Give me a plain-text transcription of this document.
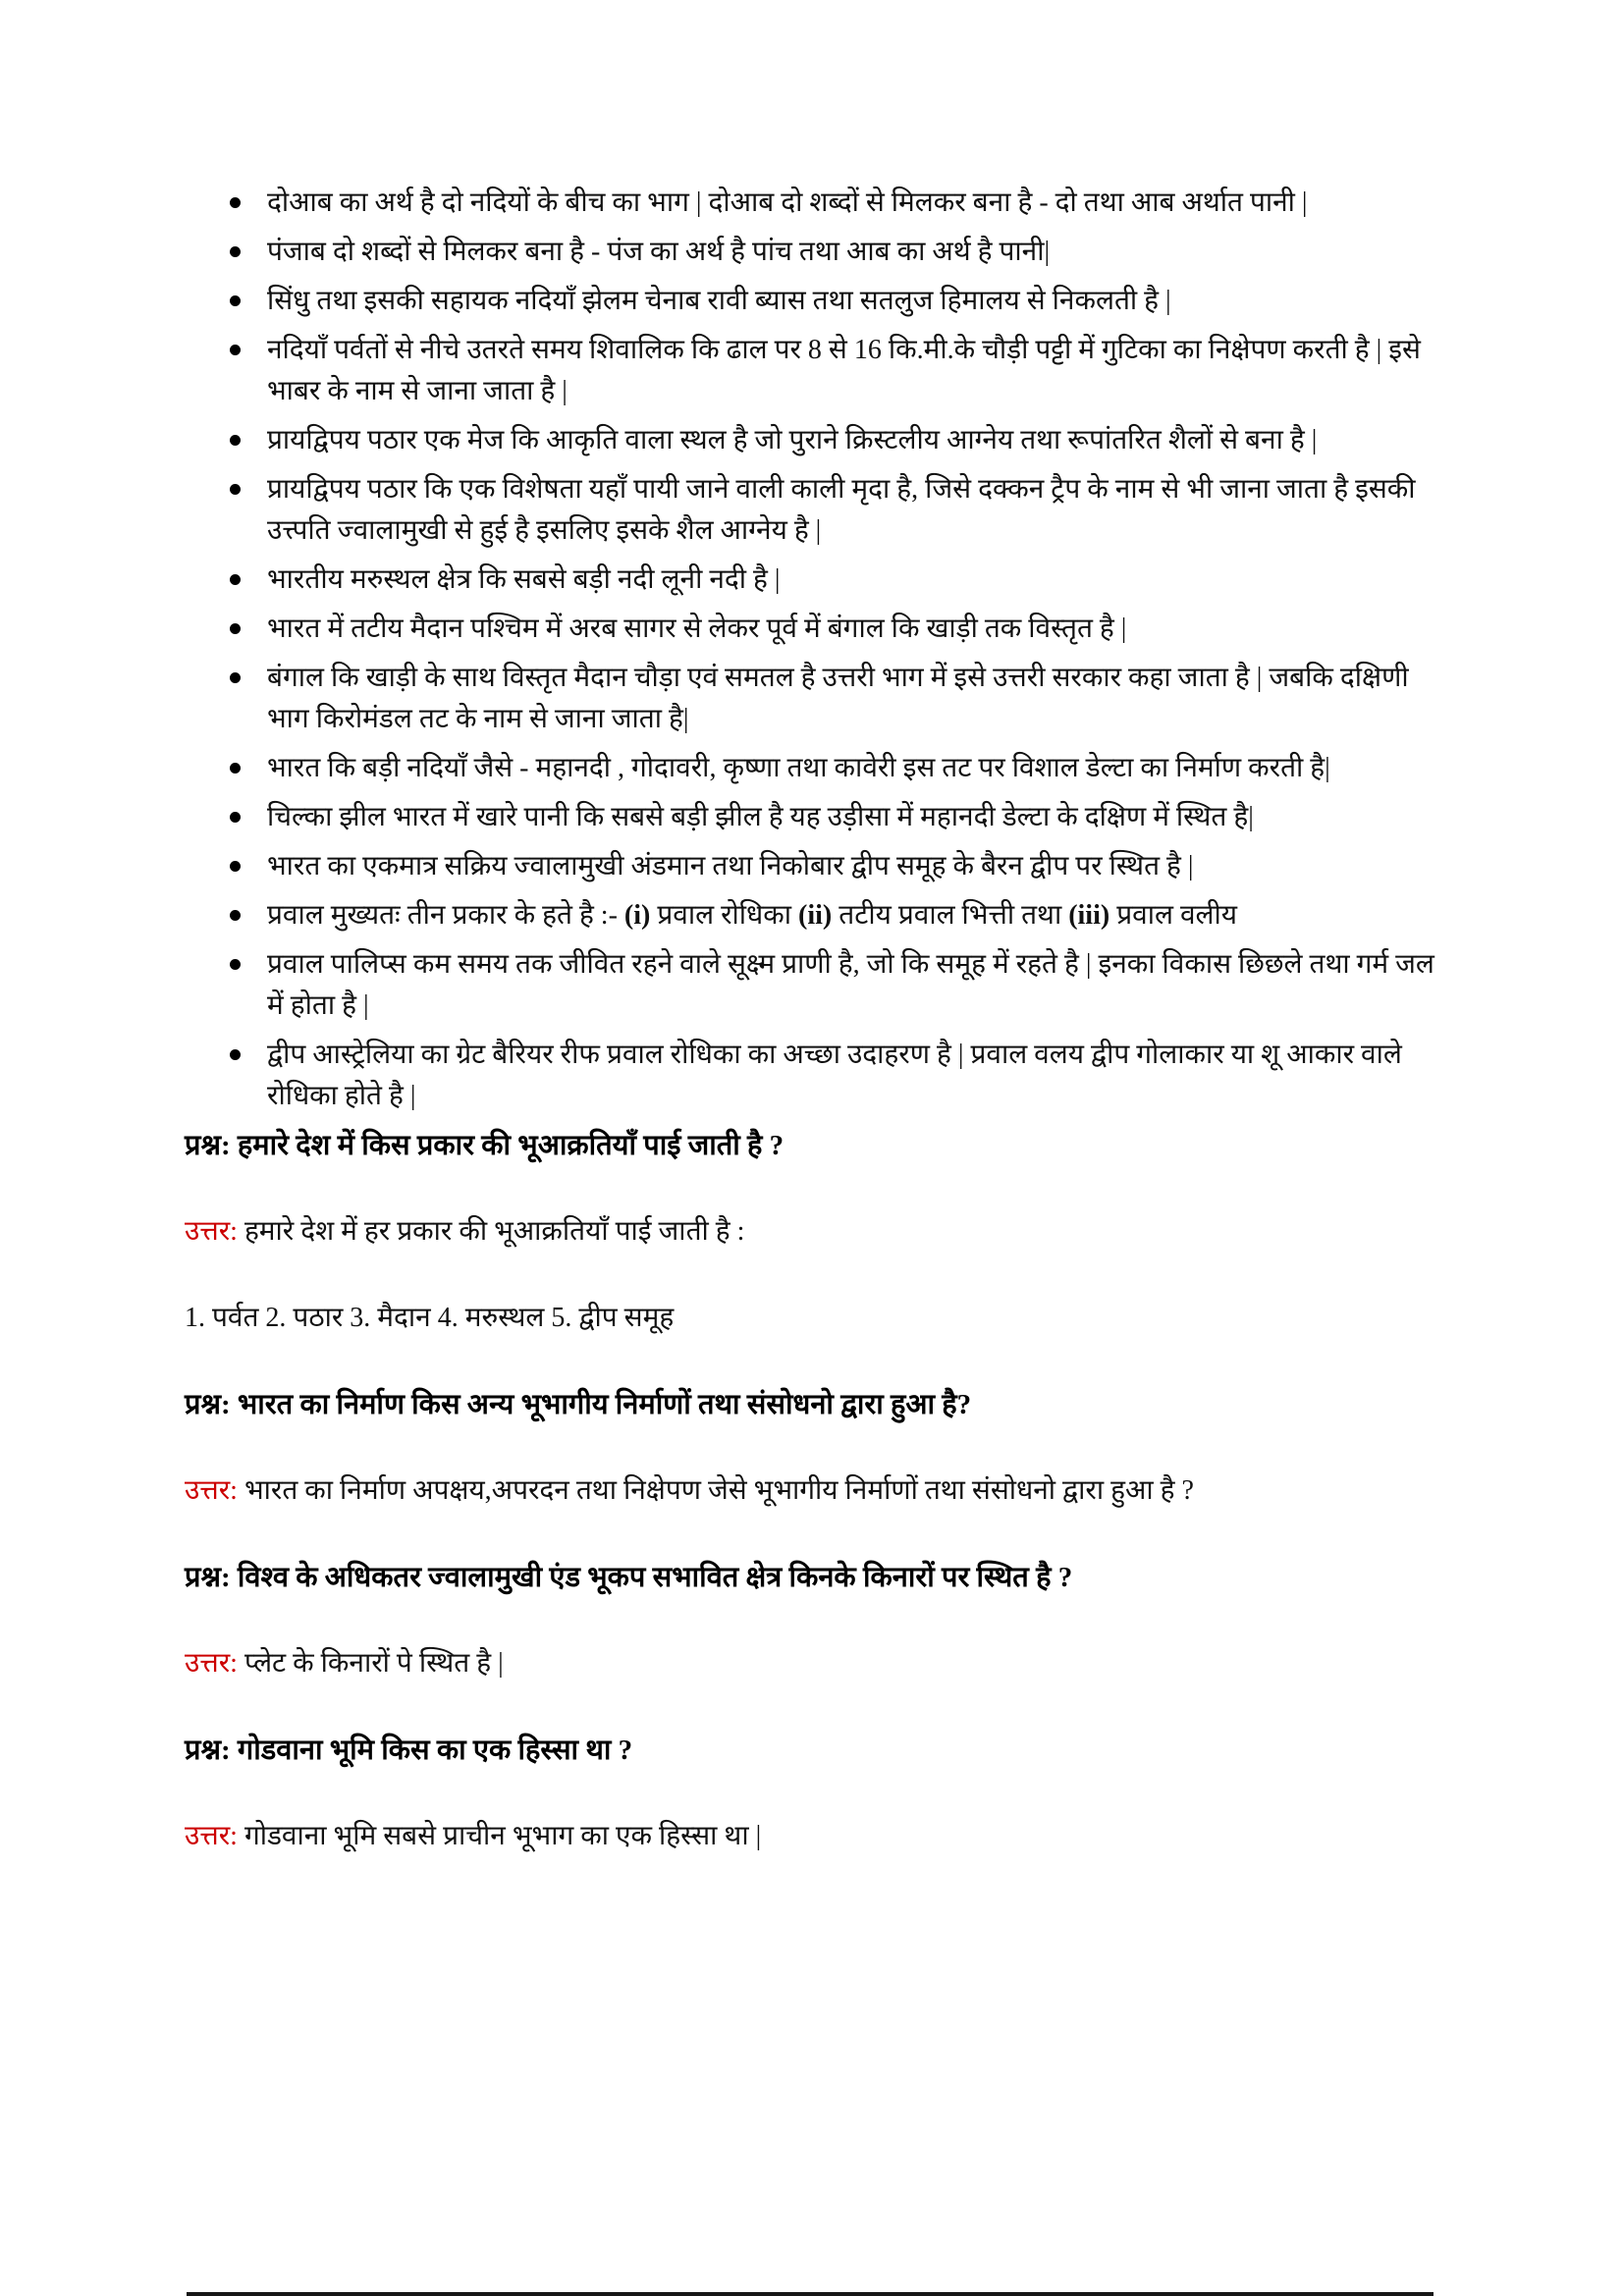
दोआब का अर्थ है दो नदियों के बीच का भाग | दोआब दो शब्दों से मिलकर बना है - दो तथा आब अर्थात पानी |
पंजाब दो शब्दों से मिलकर बना है - पंज का अर्थ है पांच तथा आब का अर्थ है पानी|
सिंधु तथा इसकी सहायक नदियाँ झेलम चेनाब रावी ब्यास तथा सतलुज हिमालय से निकलती है |
नदियाँ पर्वतों से नीचे उतरते समय शिवालिक कि ढाल पर 8 से 16 कि.मी.के चौड़ी पट्टी में गुटिका का निक्षेपण करती है | इसे भाबर के नाम से जाना जाता है |
प्रायद्विपय पठार एक मेज कि आकृति वाला स्थल है जो पुराने क्रिस्टलीय आग्नेय तथा रूपांतरित शैलों से बना है |
प्रायद्विपय पठार कि एक विशेषता यहाँ पायी जाने वाली काली मृदा है, जिसे दक्कन ट्रैप के नाम से भी जाना जाता है इसकी उत्त्पति ज्वालामुखी से हुई है इसलिए इसके शैल आग्नेय है |
भारतीय मरुस्थल क्षेत्र कि सबसे बड़ी नदी लूनी नदी है |
भारत में तटीय मैदान पश्चिम में अरब सागर से लेकर पूर्व में बंगाल कि खाड़ी तक विस्तृत है |
बंगाल कि खाड़ी के साथ विस्तृत मैदान चौड़ा एवं समतल है उत्तरी भाग में इसे उत्तरी सरकार कहा जाता है | जबकि दक्षिणी भाग किरोमंडल तट के नाम से जाना जाता है|
भारत कि बड़ी नदियाँ जैसे - महानदी , गोदावरी, कृष्णा तथा कावेरी इस तट पर विशाल डेल्टा का निर्माण करती है|
चिल्का झील भारत में खारे पानी कि सबसे बड़ी झील है यह उड़ीसा में महानदी डेल्टा के दक्षिण में स्थित है|
भारत का एकमात्र सक्रिय ज्वालामुखी अंडमान तथा निकोबार द्वीप समूह के बैरन द्वीप पर स्थित है |
प्रवाल मुख्यतः तीन प्रकार के हते है :- (i) प्रवाल रोधिका (ii) तटीय प्रवाल भित्ती तथा (iii) प्रवाल वलीय
प्रवाल पालिप्स कम समय तक जीवित रहने वाले सूक्ष्म प्राणी है, जो कि समूह में रहते है | इनका विकास छिछले तथा गर्म जल में होता है |
द्वीप आस्ट्रेलिया का ग्रेट बैरियर रीफ प्रवाल रोधिका का अच्छा उदाहरण है | प्रवाल वलय द्वीप गोलाकार या शू आकार वाले रोधिका होते है |

प्रश्न: हमारे देश में किस प्रकार की भूआक्रतियाँ पाई जाती है ?

उत्तर: हमारे देश में हर प्रकार की भूआक्रतियाँ पाई जाती है :

1. पर्वत 2. पठार 3. मैदान 4. मरुस्थल 5. द्वीप समूह

प्रश्न: भारत का निर्माण किस अन्य भूभागीय निर्माणों तथा संसोधनो द्वारा हुआ है?

उत्तर: भारत का निर्माण अपक्षय,अपरदन तथा निक्षेपण जेसे भूभागीय निर्माणों तथा संसोधनो द्वारा हुआ है ?

प्रश्न: विश्व के अधिकतर ज्वालामुखी एंड भूकप सभावित क्षेत्र किनके किनारों पर स्थित है ?

उत्तर: प्लेट के किनारों पे स्थित है |

प्रश्न: गोडवाना भूमि किस का एक हिस्सा था ?

उत्तर: गोडवाना भूमि सबसे प्राचीन भूभाग का एक हिस्सा था |
